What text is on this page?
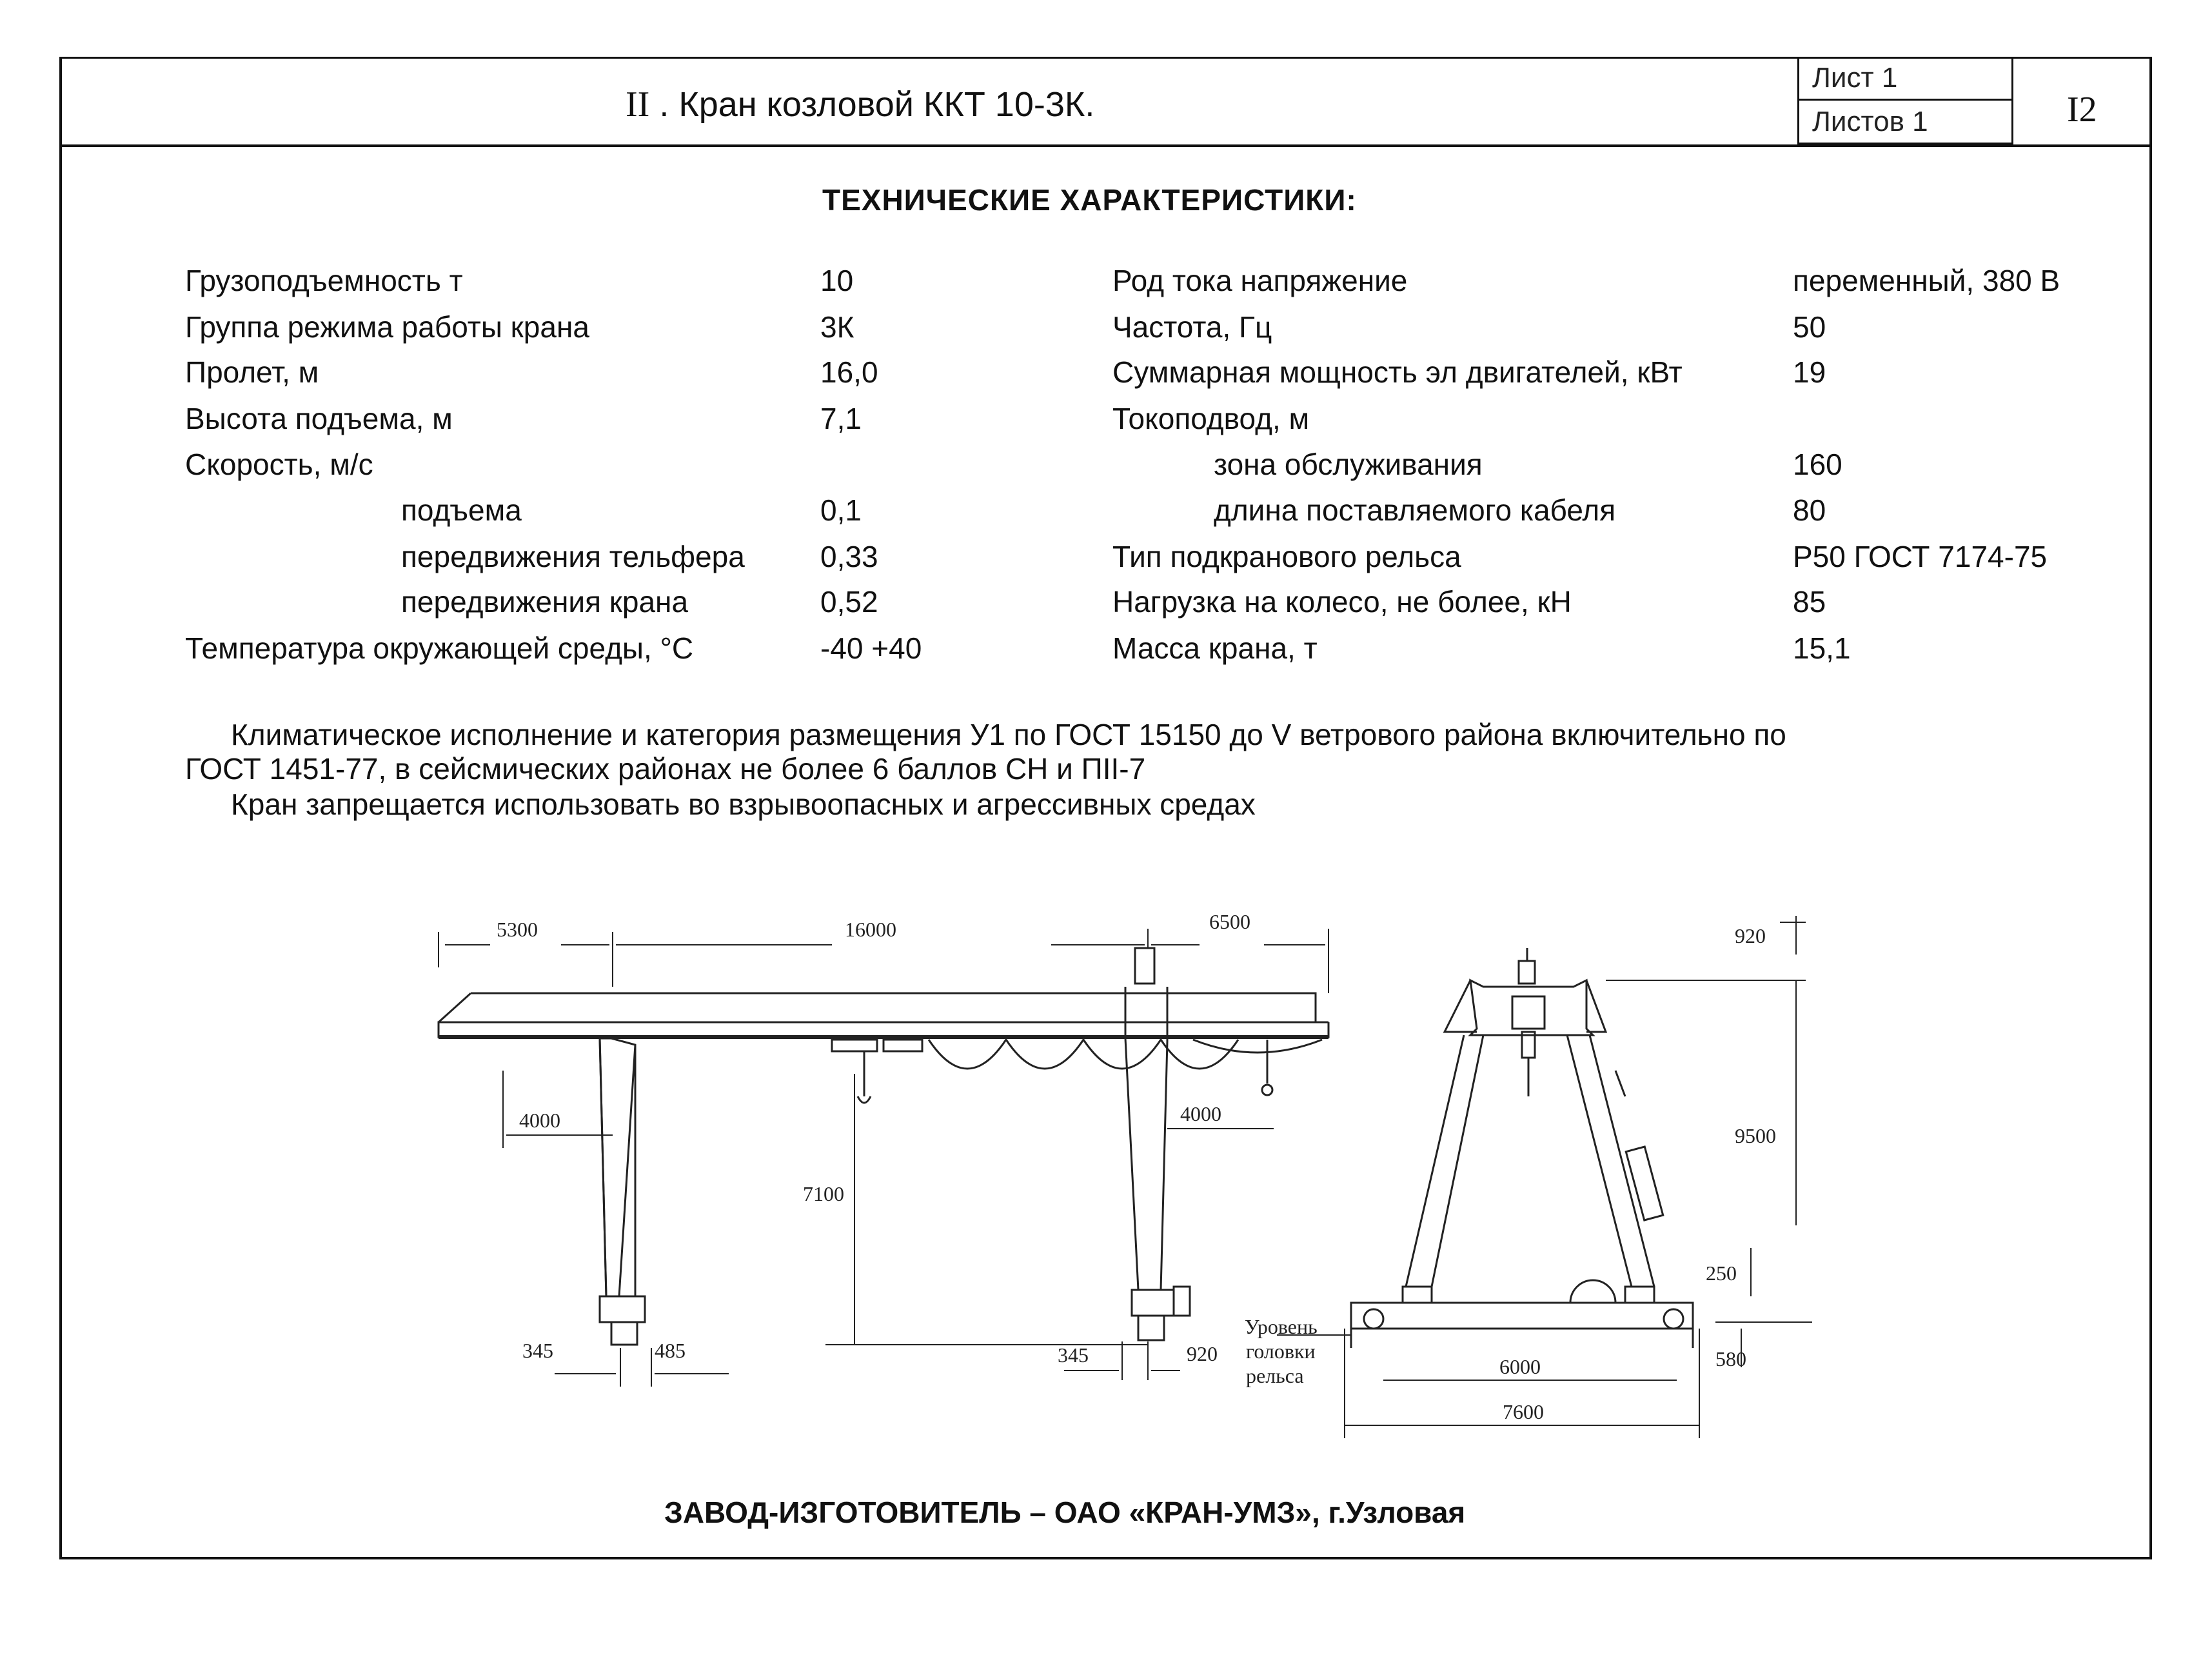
II . Кран козловой ККТ 10-3К.
Лист 1
Листов 1	I2
ТЕХНИЧЕСКИЕ ХАРАКТЕРИСТИКИ:
Грузоподъемность т	10
Группа режима работы крана	3К
Пролет, м	16,0
Высота подъема, м	7,1
Скорость, м/с
подъема	0,1
передвижения тельфера	0,33
передвижения крана	0,52
Температура окружающей среды, °С	-40 +40
Род тока напряжение	переменный, 380 В
Частота, Гц	50
Суммарная мощность эл двигателей, кВт	19
Токоподвод, м
зона обслуживания	160
длина поставляемого кабеля	80
Тип подкранового рельса	Р50 ГОСТ 7174-75
Нагрузка на колесо, не более, кН	85
Масса крана, т	15,1
Климатическое исполнение и категория размещения У1 по ГОСТ 15150 до V ветрового района включительно по
ГОСТ 1451-77, в сейсмических районах не более 6 баллов СН и ПII-7
Кран запрещается использовать во взрывоопасных и агрессивных средах
5300	16000	6500
4000	4000
7100
345	485	345	920
920
9500
250
6000
7600
580
Уровень
головки
рельса
ЗАВОД-ИЗГОТОВИТЕЛЬ – ОАО «КРАН-УМЗ», г.Узловая
